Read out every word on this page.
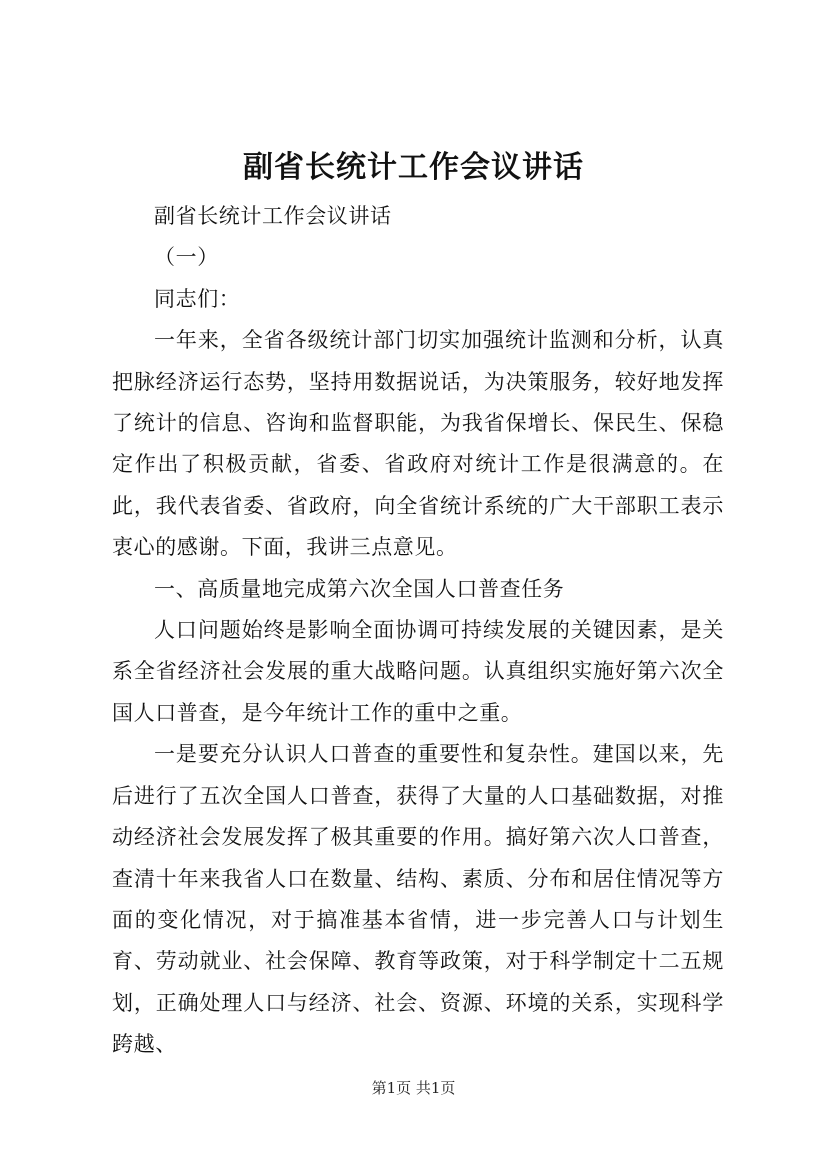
副省长统计工作会议讲话

副省长统计工作会议讲话

（一）

同志们：

一年来，全省各级统计部门切实加强统计监测和分析，认真把脉经济运行态势，坚持用数据说话，为决策服务，较好地发挥了统计的信息、咨询和监督职能，为我省保增长、保民生、保稳定作出了积极贡献，省委、省政府对统计工作是很满意的。在此，我代表省委、省政府，向全省统计系统的广大干部职工表示衷心的感谢。下面，我讲三点意见。

一、高质量地完成第六次全国人口普查任务

人口问题始终是影响全面协调可持续发展的关键因素，是关系全省经济社会发展的重大战略问题。认真组织实施好第六次全国人口普查，是今年统计工作的重中之重。

一是要充分认识人口普查的重要性和复杂性。建国以来，先后进行了五次全国人口普查，获得了大量的人口基础数据，对推动经济社会发展发挥了极其重要的作用。搞好第六次人口普查，查清十年来我省人口在数量、结构、素质、分布和居住情况等方面的变化情况，对于搞准基本省情，进一步完善人口与计划生育、劳动就业、社会保障、教育等政策，对于科学制定十二五规划，正确处理人口与经济、社会、资源、环境的关系，实现科学跨越、

第1页 共1页
